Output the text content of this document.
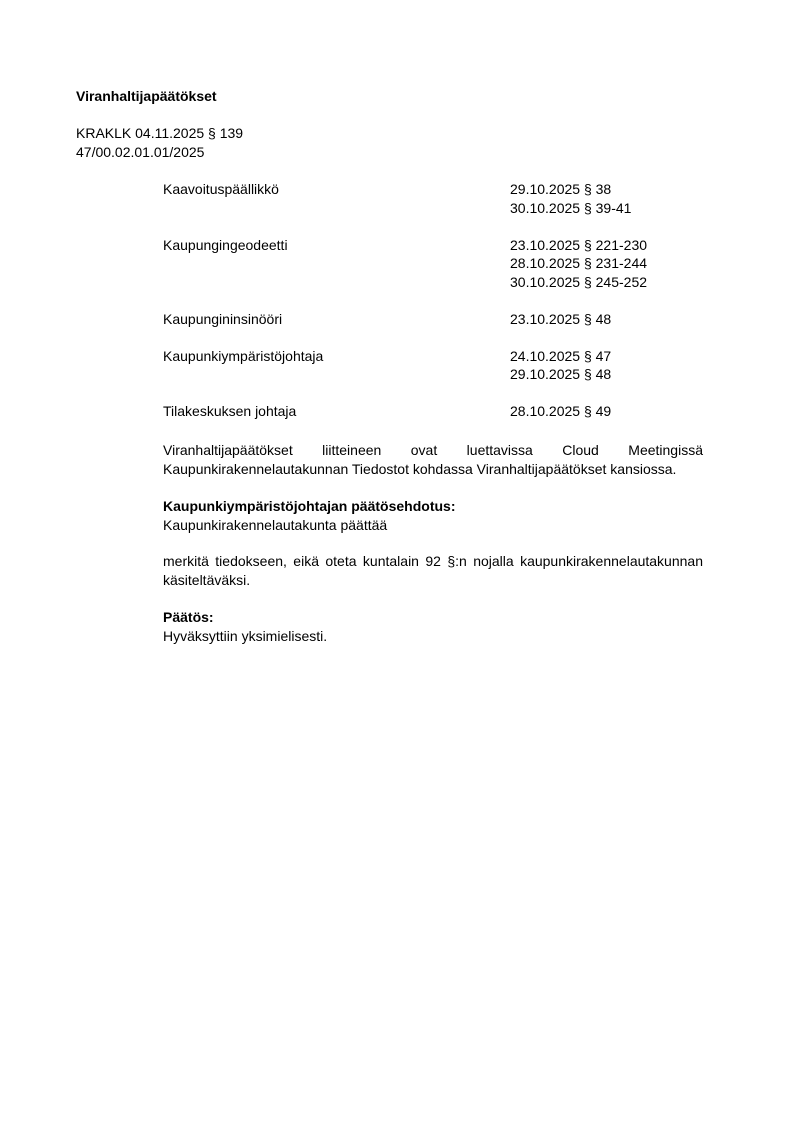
Viranhaltijapäätökset
KRAKLK 04.11.2025 § 139
47/00.02.01.01/2025
Kaavoituspäällikkö	29.10.2025 § 38
30.10.2025 § 39-41
Kaupungingeodeetti	23.10.2025 § 221-230
28.10.2025 § 231-244
30.10.2025 § 245-252
Kaupungininsinööri	23.10.2025 § 48
Kaupunkiympäristöjohtaja	24.10.2025 § 47
29.10.2025 § 48
Tilakeskuksen johtaja	28.10.2025 § 49

Viranhaltijapäätökset liitteineen ovat luettavissa Cloud Meetingissä Kaupunkirakennelautakunnan Tiedostot kohdassa Viranhaltijapäätökset kansiossa.

Kaupunkiympäristöjohtajan päätösehdotus:

Kaupunkirakennelautakunta päättää

merkitä tiedokseen, eikä oteta kuntalain 92 §:n nojalla kaupunkirakennelautakunnan käsiteltäväksi.

Päätös:

Hyväksyttiin yksimielisesti.
